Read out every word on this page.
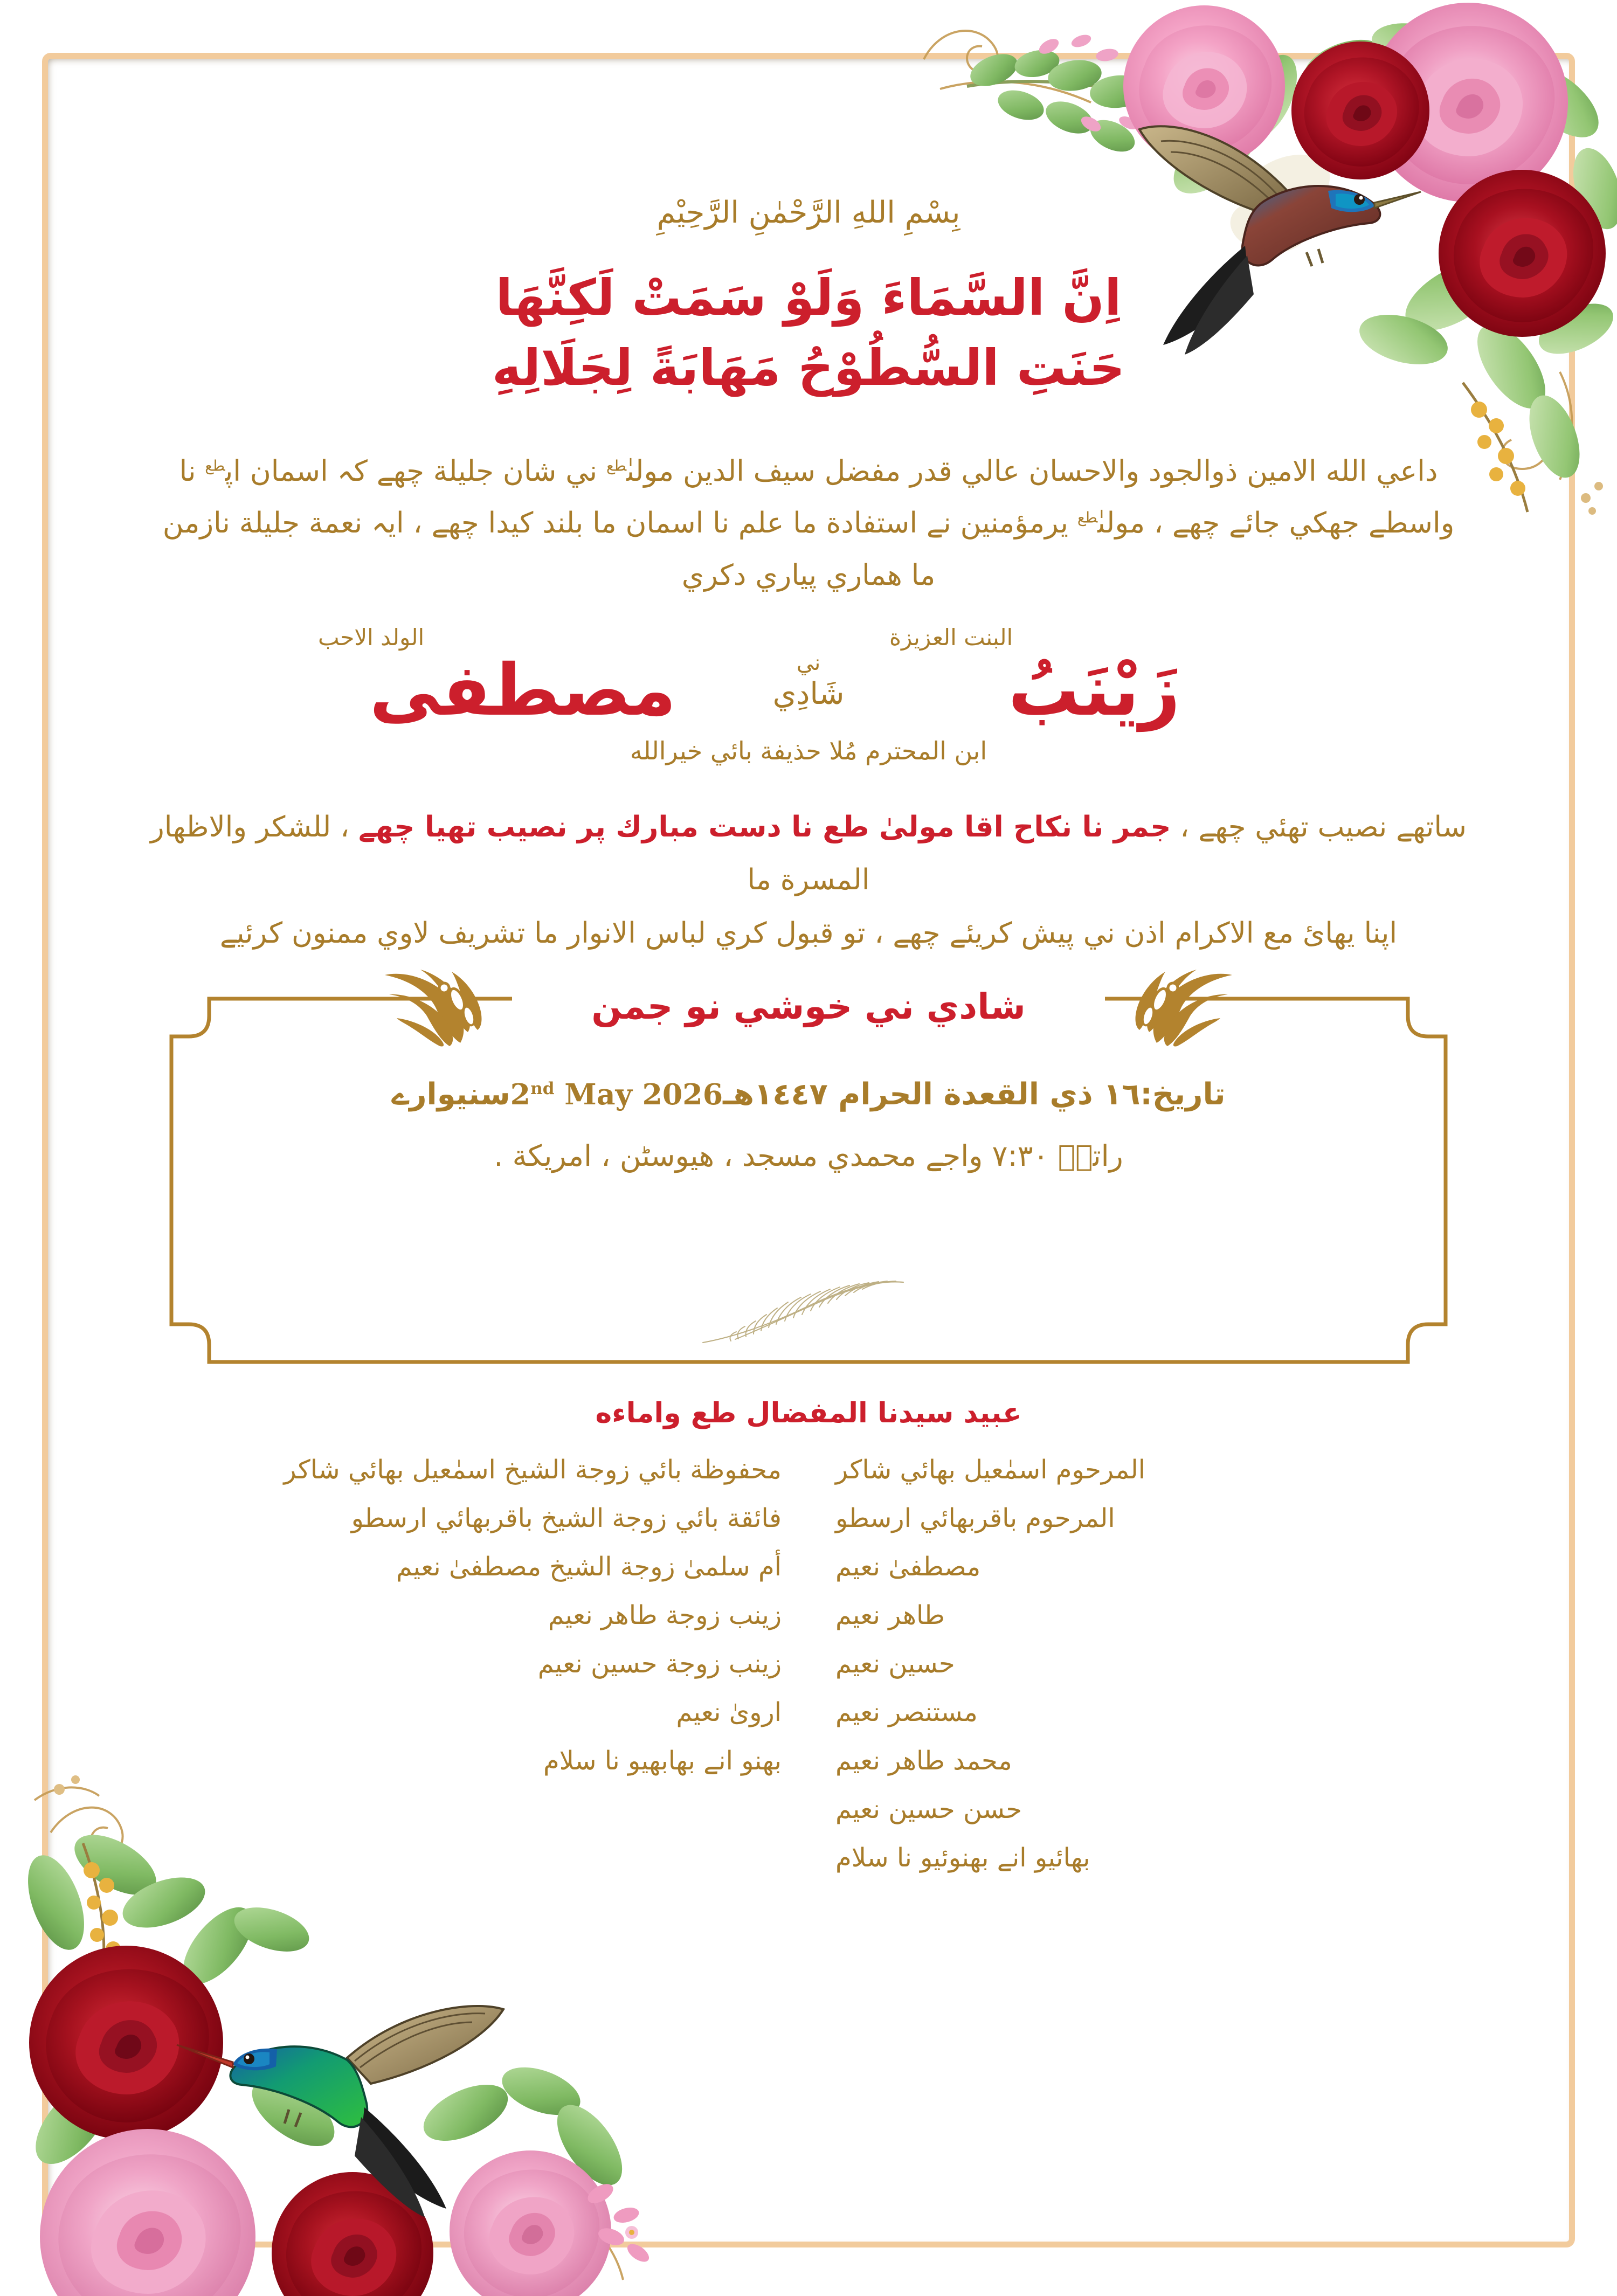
بِسْمِ اللهِ الرَّحْمٰنِ الرَّحِيْمِ
اِنَّ السَّمَاءَ وَلَوْ سَمَتْ لَكِنَّهَا
حَنَتِ السُّطُوْحُ مَهَابَةً لِجَلَالِهِ
داعي الله الامين ذوالجود والاحسان عالي قدر مفضل سيف الدين مولىٰ$^{طع}$ ني شان جليلة چھے كہ اسمان اپ$^{طع}$ نا واسطے جھكي جائے چھے ، مولىٰ$^{طع}$ يرمؤمنين نے استفادة ما علم نا اسمان ما بلند كيدا چھے ، ايہ نعمة جليلة نازمن ما هماري پياري دكري
البنت العزيزة
زَيْنَبُ
ني
شَادِي
الولد الاحب
مصطفى
ابن المحترم مُلا حذيفة بائي خيرالله
ساتھے نصيب تھئي چھے ، جمر نا نكاح اقا مولىٰ طع نا دست مبارك پر نصيب تھيا چھے ، للشكر والاظهار المسرة ما
اپنا يھائ مع الاكرام اذن ني پيش كريئے چھے ، تو قبول كري لباس الانوار ما تشريف لاوي ممنون كرئيے
شادي ني خوشي نو جمن
تاريخ:١٦ ذي القعدة الحرام ١٤٤٧هـ2nd May 2026سنيوارے
رات٘ے ٧:٣٠ واجے محمدي مسجد ، هيوسٹن ، امريكة .
عبيد سيدنا المفضال طع واماءه
المرحوم اسمٰعيل بهائي شاكر
المرحوم باقربهائي ارسطو
مصطفىٰ نعيم
طاهر نعيم
حسين نعيم
مستنصر نعيم
محمد طاهر نعيم
حسن حسين نعيم
بهائيو انے بهنوئيو نا سلام
محفوظة بائي زوجة الشيخ اسمٰعيل بهائي شاكر
فائقة بائي زوجة الشيخ باقربهائي ارسطو
أم سلمىٰ زوجة الشيخ مصطفىٰ نعيم
زينب زوجة طاهر نعيم
زينب زوجة حسين نعيم
اروىٰ نعيم
بهنو انے بهابهيو نا سلام
